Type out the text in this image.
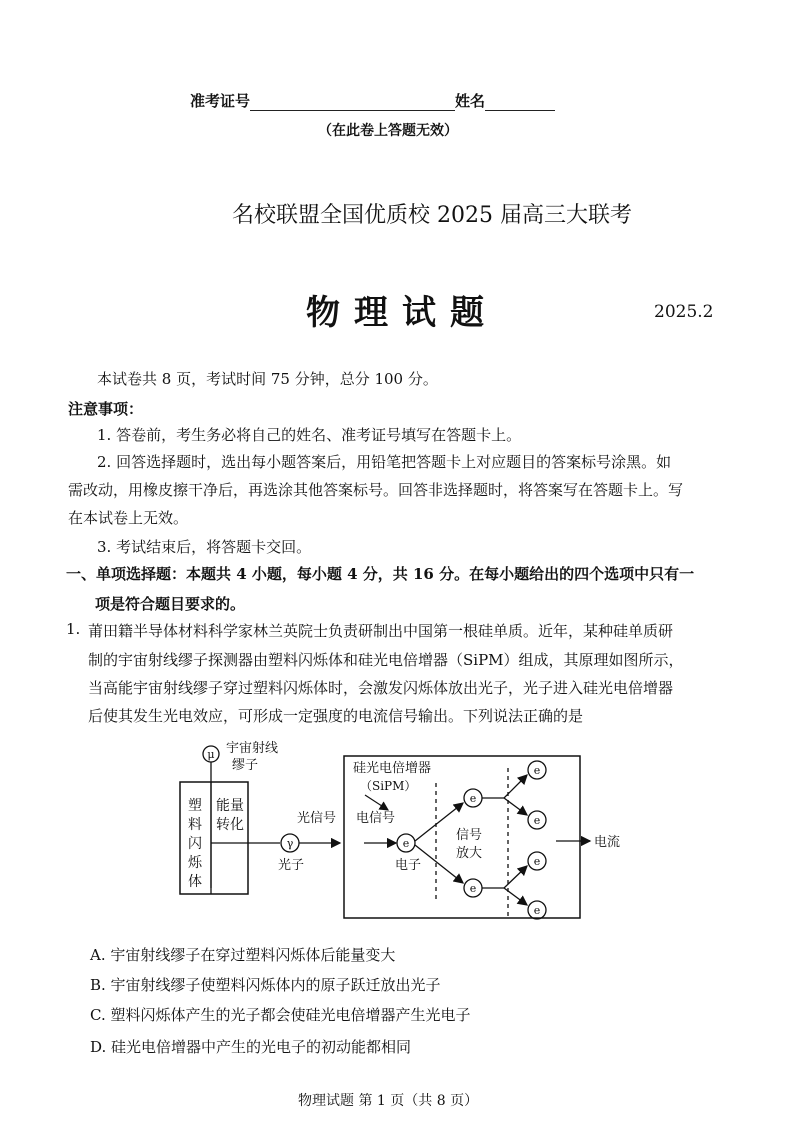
准考证号	姓名
（在此卷上答题无效）
名校联盟全国优质校 2025 届高三大联考
物理试题	2025.2
本试卷共 8 页，考试时间 75 分钟，总分 100 分。
注意事项：
1. 答卷前，考生务必将自己的姓名、准考证号填写在答题卡上。
2. 回答选择题时，选出每小题答案后，用铅笔把答题卡上对应题目的答案标号涂黑。如
需改动，用橡皮擦干净后，再选涂其他答案标号。回答非选择题时，将答案写在答题卡上。写
在本试卷上无效。
3. 考试结束后，将答题卡交回。
一、单项选择题：本题共 4 小题，每小题 4 分，共 16 分。在每小题给出的四个选项中只有一
项是符合题目要求的。
1. 莆田籍半导体材料科学家林兰英院士负责研制出中国第一根硅单质。近年，某种硅单质研
制的宇宙射线缪子探测器由塑料闪烁体和硅光电倍增器（SiPM）组成，其原理如图所示，
当高能宇宙射线缪子穿过塑料闪烁体时，会激发闪烁体放出光子，光子进入硅光电倍增器
后使其发生光电效应，可形成一定强度的电流信号输出。下列说法正确的是
μ 宇宙射线
缪子
塑
料
闪
烁
体
能量
转化
γ
光子
光信号
硅光电倍增器
（SiPM）
电信号
e
电子
信号
放大
e
e
e
e
e
e
电流
A. 宇宙射线缪子在穿过塑料闪烁体后能量变大
B. 宇宙射线缪子使塑料闪烁体内的原子跃迁放出光子
C. 塑料闪烁体产生的光子都会使硅光电倍增器产生光电子
D. 硅光电倍增器中产生的光电子的初动能都相同
物理试题 第 1 页（共 8 页）
